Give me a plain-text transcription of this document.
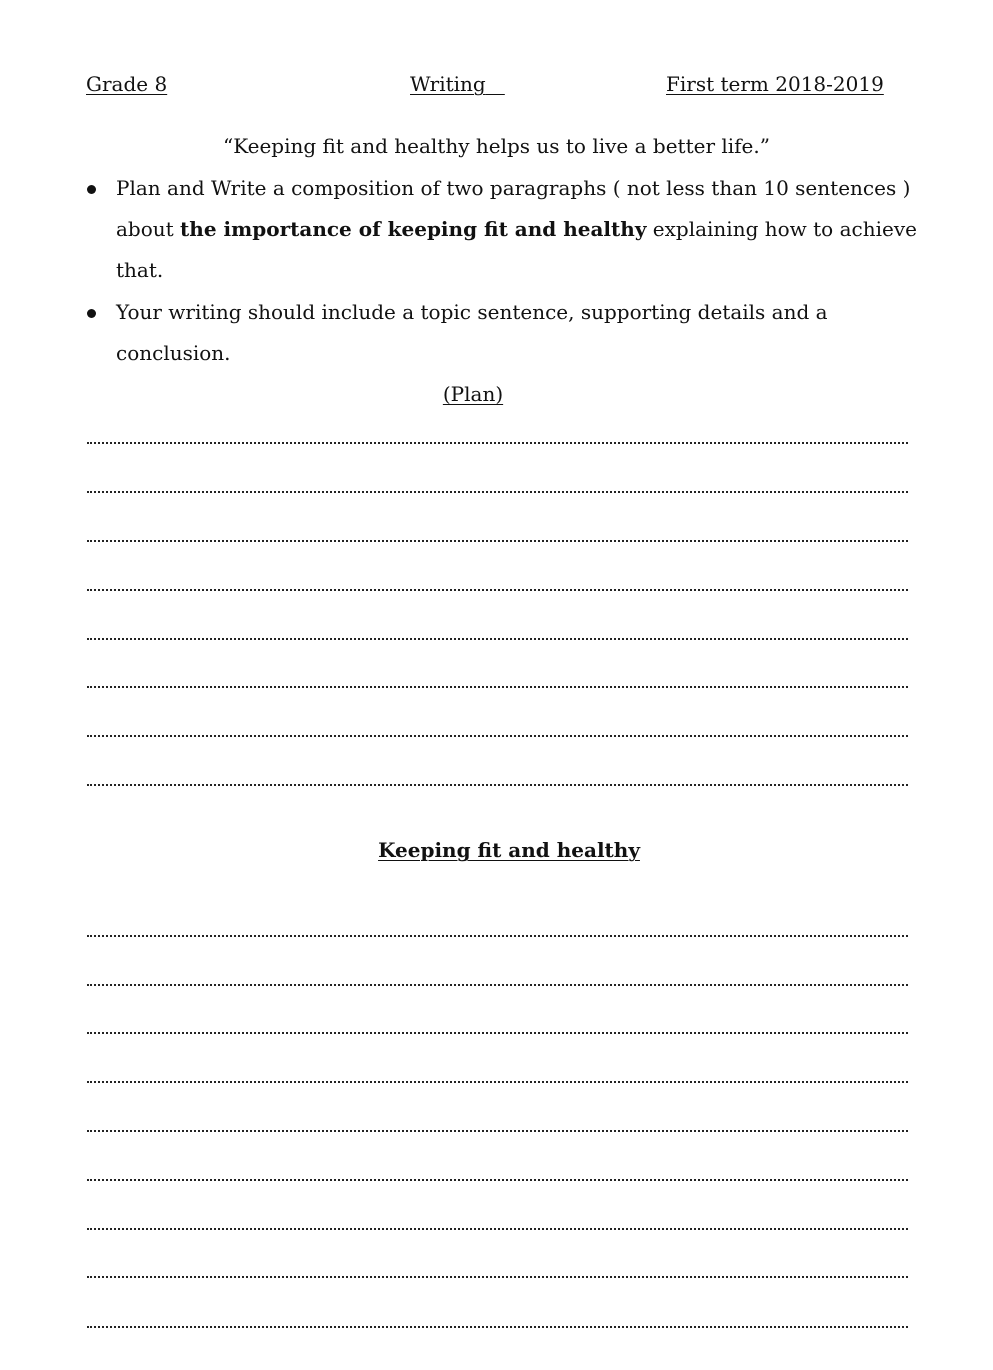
Grade 8	Writing	First term 2018-2019
“Keeping fit and healthy helps us to live a better life.”
Plan and Write a composition of two paragraphs ( not less than 10 sentences )
about the importance of keeping fit and healthy explaining how to achieve
that.
Your writing should include a topic sentence, supporting details and a
conclusion.
(Plan)
Keeping fit and healthy
